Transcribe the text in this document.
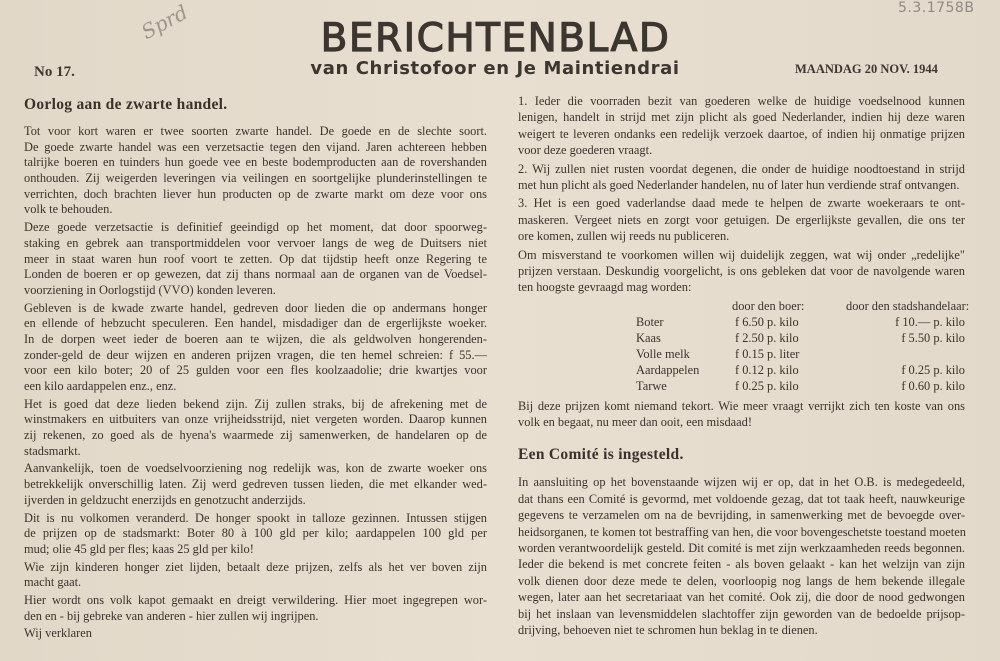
Sprd	5.3.1758B
BERICHTENBLAD
van Christofoor en Je Maintiendrai
No 17.	MAANDAG 20 NOV. 1944
Oorlog aan de zwarte handel.
Tot voor kort waren er twee soorten zwarte handel. De goede en de slechte soort.
De goede zwarte handel was een verzetsactie tegen den vijand. Jaren achtereen hebben
talrijke boeren en tuinders hun goede vee en beste bodemproducten aan de rovershanden
onthouden. Zij weigerden leveringen via veilingen en soortgelijke plunderinstellingen te
verrichten, doch brachten liever hun producten op de zwarte markt om deze voor ons
volk te behouden.
Deze goede verzetsactie is definitief geeindigd op het moment, dat door spoorweg-
staking en gebrek aan transportmiddelen voor vervoer langs de weg de Duitsers niet
meer in staat waren hun roof voort te zetten. Op dat tijdstip heeft onze Regering te
Londen de boeren er op gewezen, dat zij thans normaal aan de organen van de Voedsel-
voorziening in Oorlogstijd (VVO) konden leveren.
Gebleven is de kwade zwarte handel, gedreven door lieden die op andermans honger
en ellende of hebzucht speculeren. Een handel, misdadiger dan de ergerlijkste woeker.
In de dorpen weet ieder de boeren aan te wijzen, die als geldwolven hongerenden-
zonder-geld de deur wijzen en anderen prijzen vragen, die ten hemel schreien: f 55.—
voor een kilo boter; 20 of 25 gulden voor een fles koolzaadolie; drie kwartjes voor
een kilo aardappelen enz., enz.
Het is goed dat deze lieden bekend zijn. Zij zullen straks, bij de afrekening met de
winstmakers en uitbuiters van onze vrijheidsstrijd, niet vergeten worden. Daarop kunnen
zij rekenen, zo goed als de hyena's waarmede zij samenwerken, de handelaren op de
stadsmarkt.
Aanvankelijk, toen de voedselvoorziening nog redelijk was, kon de zwarte woeker ons
betrekkelijk onverschillig laten. Zij werd gedreven tussen lieden, die met elkander wed-
ijverden in geldzucht enerzijds en genotzucht anderzijds.
Dit is nu volkomen veranderd. De honger spookt in talloze gezinnen. Intussen stijgen
de prijzen op de stadsmarkt: Boter 80 à 100 gld per kilo; aardappelen 100 gld per
mud; olie 45 gld per fles; kaas 25 gld per kilo!
Wie zijn kinderen honger ziet lijden, betaalt deze prijzen, zelfs als het ver boven zijn
macht gaat.
Hier wordt ons volk kapot gemaakt en dreigt verwildering. Hier moet ingegrepen wor-
den en - bij gebreke van anderen - hier zullen wij ingrijpen.
Wij verklaren
1. Ieder die voorraden bezit van goederen welke de huidige voedselnood kunnen
lenigen, handelt in strijd met zijn plicht als goed Nederlander, indien hij deze waren
weigert te leveren ondanks een redelijk verzoek daartoe, of indien hij onmatige prijzen
voor deze goederen vraagt.
2. Wij zullen niet rusten voordat degenen, die onder de huidige noodtoestand in strijd
met hun plicht als goed Nederlander handelen, nu of later hun verdiende straf ontvangen.
3. Het is een goed vaderlandse daad mede te helpen de zwarte woekeraars te ont-
maskeren. Vergeet niets en zorgt voor getuigen. De ergerlijkste gevallen, die ons ter
ore komen, zullen wij reeds nu publiceren.
Om misverstand te voorkomen willen wij duidelijk zeggen, wat wij onder „redelijke"
prijzen verstaan. Deskundig voorgelicht, is ons gebleken dat voor de navolgende waren
ten hoogste gevraagd mag worden:
door den boer:	door den stadshandelaar:
Boter	f 6.50 p. kilo	f 10.— p. kilo
Kaas	f 2.50 p. kilo	f 5.50 p. kilo
Volle melk	f 0.15 p. liter
Aardappelen	f 0.12 p. kilo	f 0.25 p. kilo
Tarwe	f 0.25 p. kilo	f 0.60 p. kilo
Bij deze prijzen komt niemand tekort. Wie meer vraagt verrijkt zich ten koste van ons
volk en begaat, nu meer dan ooit, een misdaad!
Een Comité is ingesteld.
In aansluiting op het bovenstaande wijzen wij er op, dat in het O.B. is medegedeeld,
dat thans een Comité is gevormd, met voldoende gezag, dat tot taak heeft, nauwkeurige
gegevens te verzamelen om na de bevrijding, in samenwerking met de bevoegde over-
heidsorganen, te komen tot bestraffing van hen, die voor bovengeschetste toestand moeten
worden verantwoordelijk gesteld. Dit comité is met zijn werkzaamheden reeds begonnen.
Ieder die bekend is met concrete feiten - als boven gelaakt - kan het welzijn van zijn
volk dienen door deze mede te delen, voorloopig nog langs de hem bekende illegale
wegen, later aan het secretariaat van het comité. Ook zij, die door de nood gedwongen
bij het inslaan van levensmiddelen slachtoffer zijn geworden van de bedoelde prijsop-
drijving, behoeven niet te schromen hun beklag in te dienen.
